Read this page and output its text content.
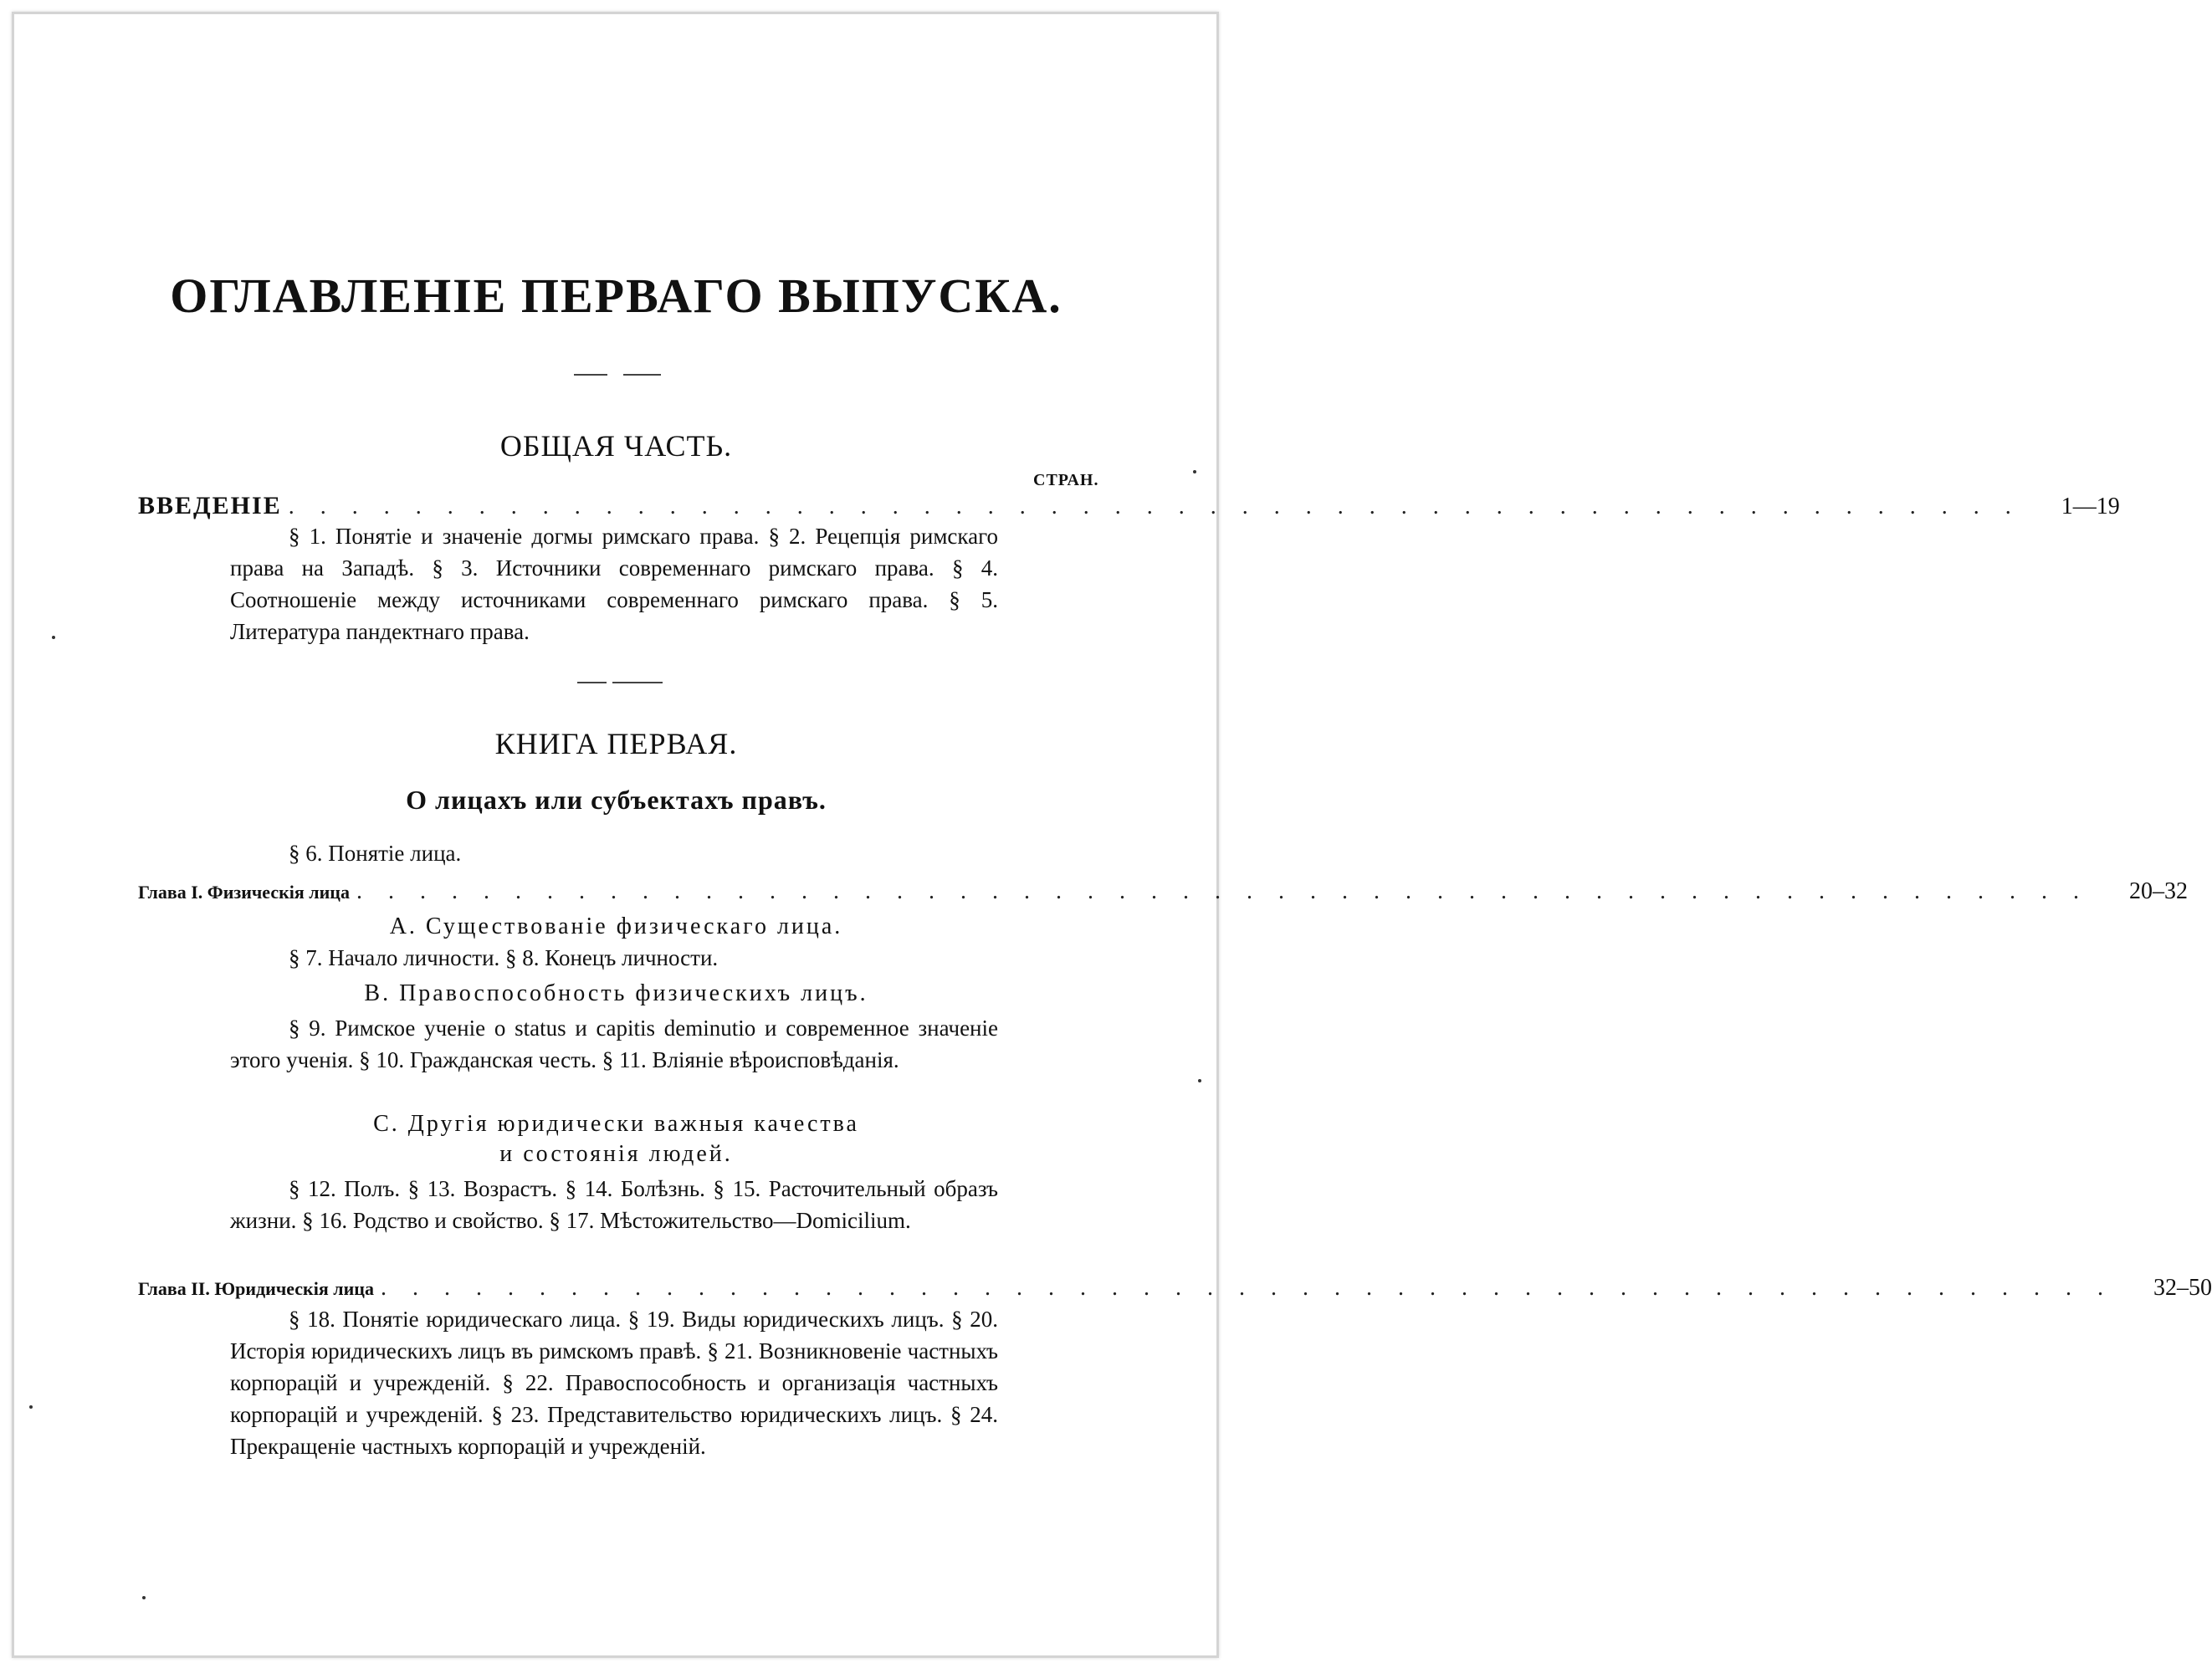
ОГЛАВЛЕНIЕ ПЕРВАГО ВЫПУСКА.
ОБЩАЯ ЧАСТЬ.
СТРАН.
ВВЕДЕНIЕ . . . . . . . . . . . . . . . . . . . . . . . . . . . . . . . . . . . . . . . . . . . . . . . . . . . . . . .	1—19
§ 1. Понятiе и значенiе догмы римскаго права. § 2. Рецепцiя римскаго права на Западѣ. § 3. Источники современнаго римскаго права. § 4. Соотношенiе между источниками современнаго римскаго права. § 5. Литература пандектнаго права.
КНИГА ПЕРВАЯ.
О лицахъ или субъектахъ правъ.
§ 6. Понятiе лица.
Глава I. Физическiя лица . . . . . . . . . . . . . . . . . . . . . . . . . . . . . . . . . . . . . . . . . . . . . . . . . . . . . . .	20–32
А. Существованiе физическаго лица.
§ 7. Начало личности. § 8. Конецъ личности.
B. Правоспособность физическихъ лицъ.
§ 9. Римское ученiе о status и capitis deminutio и современное значенiе этого ученiя. § 10. Гражданская честь. § 11. Влiянiе вѣроисповѣданiя.
С. Другiя юридически важныя качества
и состоянiя людей.
§ 12. Полъ. § 13. Возрастъ. § 14. Болѣзнь. § 15. Расточительный образъ жизни. § 16. Родство и свойство. § 17. Мѣстожительство—Domicilium.
Глава II. Юридическiя лица . . . . . . . . . . . . . . . . . . . . . . . . . . . . . . . . . . . . . . . . . . . . . . . . . . . . . . .	32–50
§ 18. Понятiе юридическаго лица. § 19. Виды юридическихъ лицъ. § 20. Исторiя юридическихъ лицъ въ римскомъ правѣ. § 21. Возникновенiе частныхъ корпорацiй и учрежденiй. § 22. Правоспособность и организацiя частныхъ корпорацiй и учрежденiй. § 23. Представительство юридическихъ лицъ. § 24. Прекращенiе частныхъ корпорацiй и учрежденiй.
